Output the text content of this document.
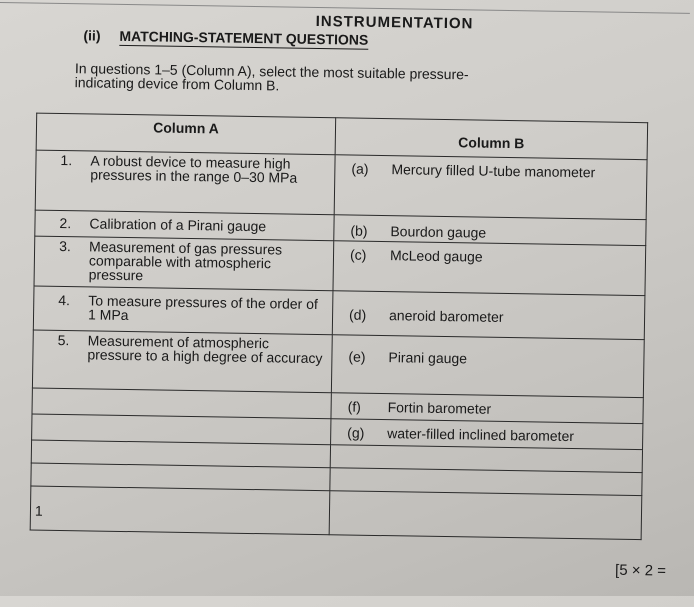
INSTRUMENTATION
(ii) MATCHING-STATEMENT QUESTIONS
In questions 1–5 (Column A), select the most suitable pressure-indicating device from Column B.
Column A	Column B

1. A robust device to measure high pressures in the range 0–30 MPa	(a) Mercury filled U-tube manometer

2. Calibration of a Pirani gauge	(b) Bourdon gauge

3. Measurement of gas pressures comparable with atmospheric pressure	(c) McLeod gauge

4. To measure pressures of the order of 1 MPa	(d) aneroid barometer

5. Measurement of atmospheric pressure to a high degree of accuracy	(e) Pirani gauge

	(f) Fortin barometer

	(g) water-filled inclined barometer

1	

[5 × 2 =
